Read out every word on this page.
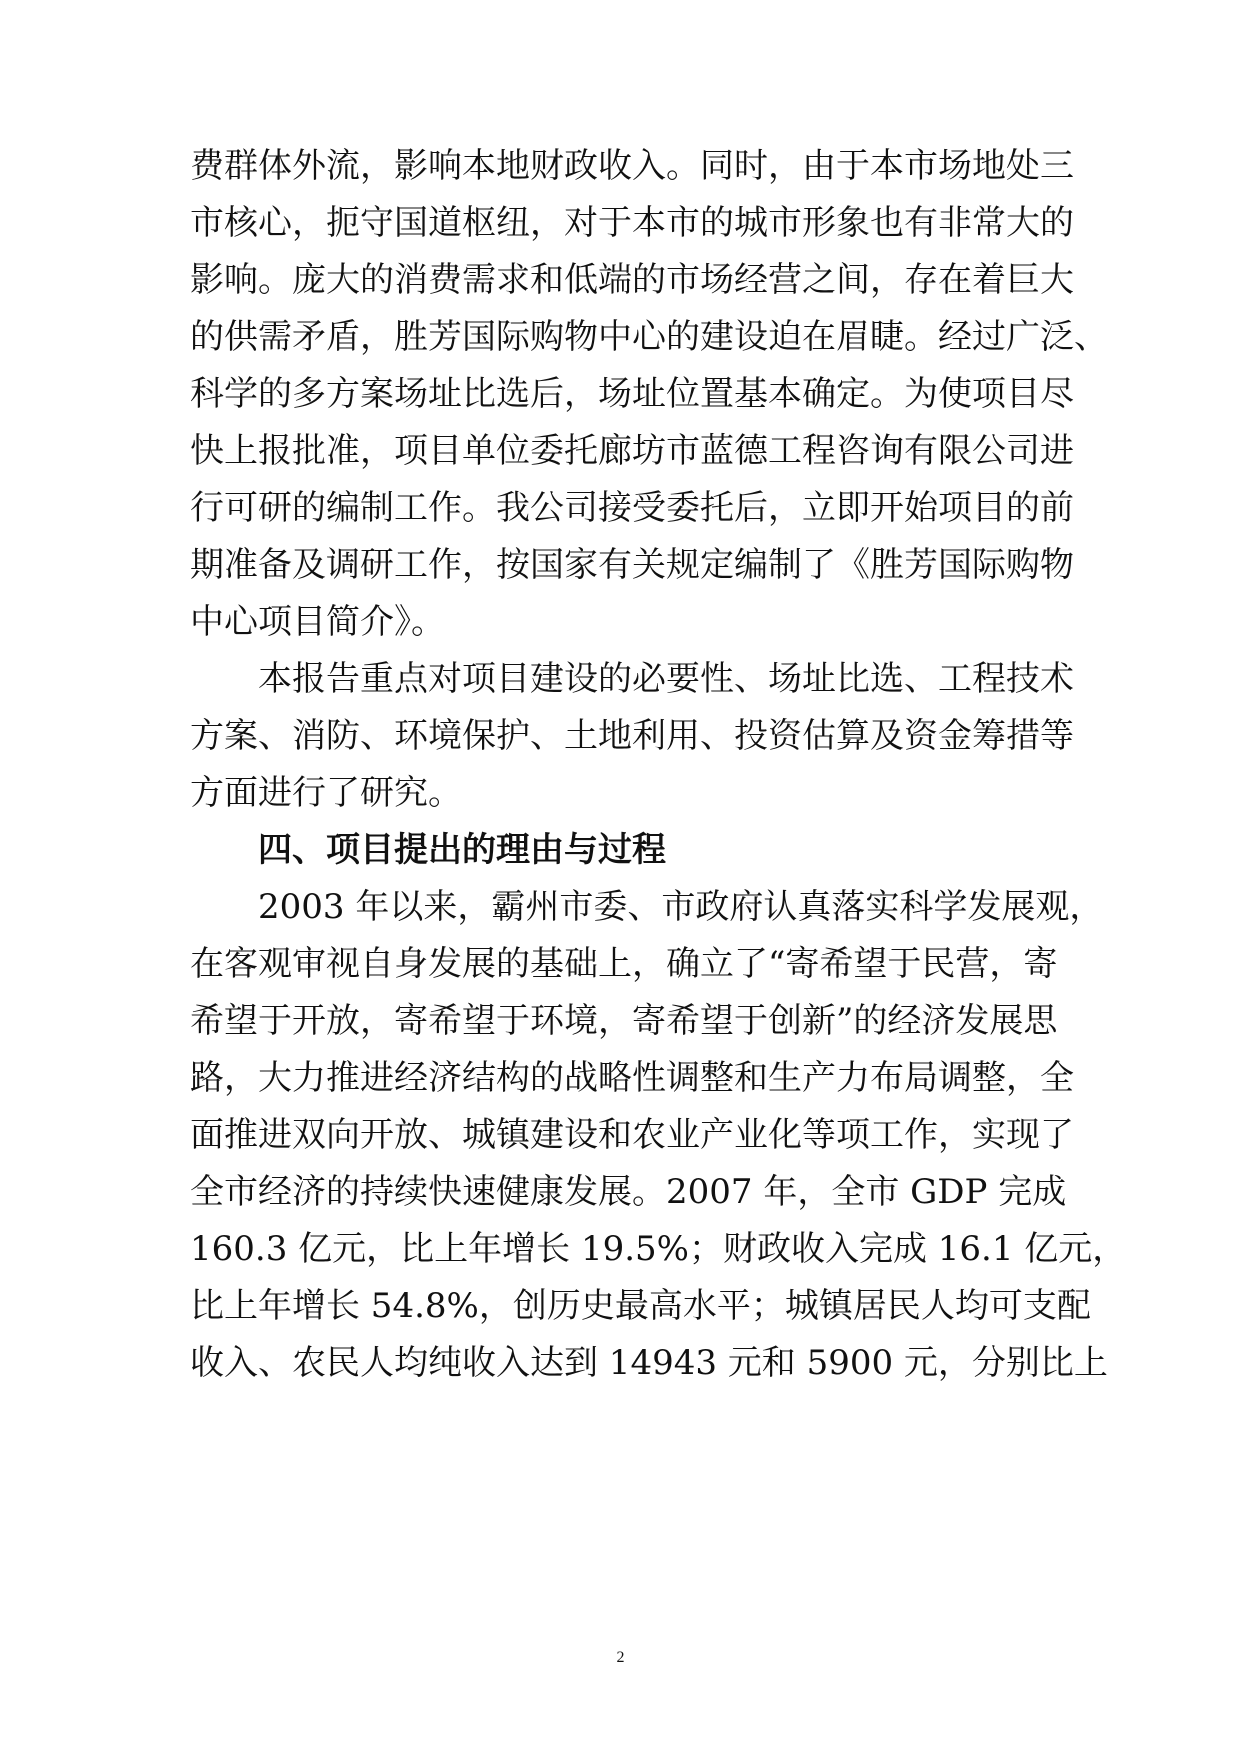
费群体外流，影响本地财政收入。同时，由于本市场地处三
市核心，扼守国道枢纽，对于本市的城市形象也有非常大的
影响。庞大的消费需求和低端的市场经营之间，存在着巨大
的供需矛盾，胜芳国际购物中心的建设迫在眉睫。经过广泛、
科学的多方案场址比选后，场址位置基本确定。为使项目尽
快上报批准，项目单位委托廊坊市蓝德工程咨询有限公司进
行可研的编制工作。我公司接受委托后，立即开始项目的前
期准备及调研工作，按国家有关规定编制了《胜芳国际购物
中心项目简介》。
本报告重点对项目建设的必要性、场址比选、工程技术
方案、消防、环境保护、土地利用、投资估算及资金筹措等
方面进行了研究。
四、项目提出的理由与过程
2003 年以来，霸州市委、市政府认真落实科学发展观，
在客观审视自身发展的基础上，确立了“寄希望于民营，寄
希望于开放，寄希望于环境，寄希望于创新”的经济发展思
路，大力推进经济结构的战略性调整和生产力布局调整，全
面推进双向开放、城镇建设和农业产业化等项工作，实现了
全市经济的持续快速健康发展。2007 年，全市 GDP 完成
160.3 亿元，比上年增长 19.5%；财政收入完成 16.1 亿元，
比上年增长 54.8%，创历史最高水平；城镇居民人均可支配
收入、农民人均纯收入达到 14943 元和 5900 元，分别比上
2
